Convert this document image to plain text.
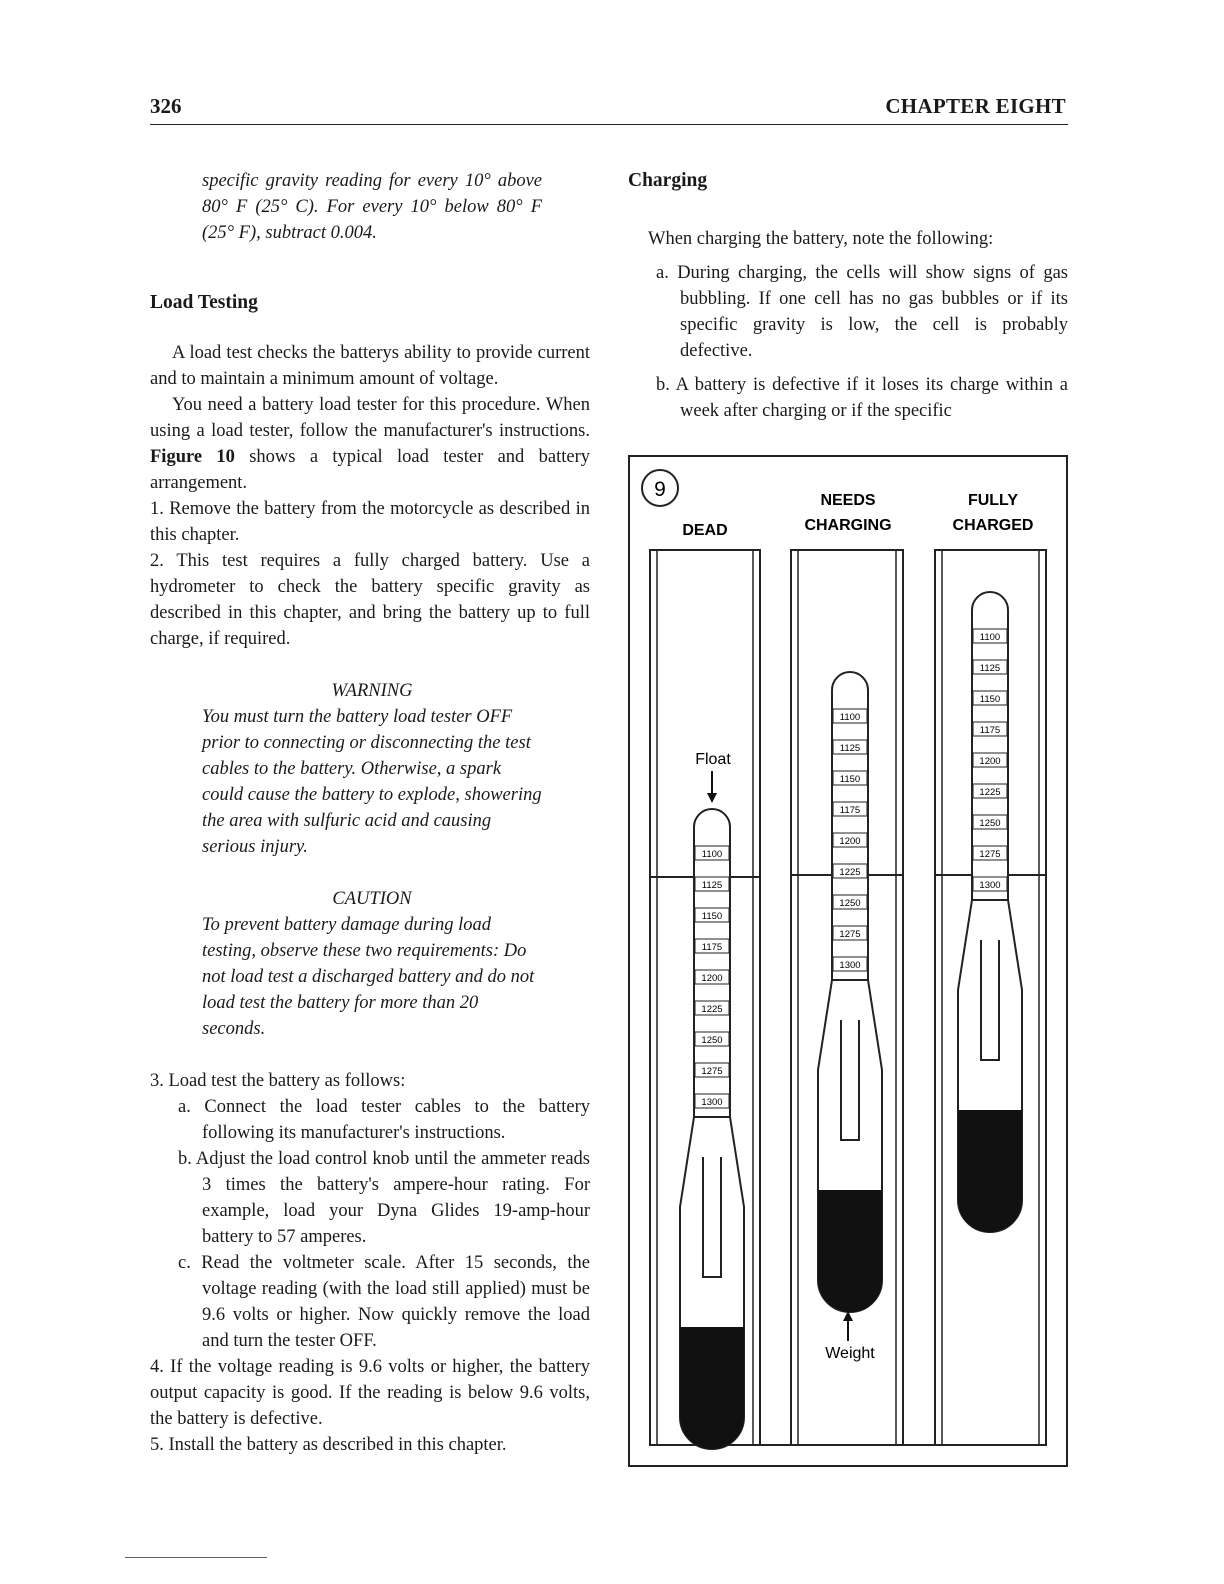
326	CHAPTER EIGHT

specific gravity reading for every 10° above 80° F (25° C). For every 10° below 80° F (25° F), subtract 0.004.

Load Testing

A load test checks the batterys ability to provide current and to maintain a minimum amount of voltage.

You need a battery load tester for this procedure. When using a load tester, follow the manufacturer's instructions. Figure 10 shows a typical load tester and battery arrangement.

1. Remove the battery from the motorcycle as described in this chapter.

2. This test requires a fully charged battery. Use a hydrometer to check the battery specific gravity as described in this chapter, and bring the battery up to full charge, if required.

WARNING

You must turn the battery load tester OFF prior to connecting or disconnecting the test cables to the battery. Otherwise, a spark could cause the battery to explode, showering the area with sulfuric acid and causing serious injury.

CAUTION

To prevent battery damage during load testing, observe these two requirements: Do not load test a discharged battery and do not load test the battery for more than 20 seconds.

3. Load test the battery as follows:

a. Connect the load tester cables to the battery following its manufacturer's instructions.

b. Adjust the load control knob until the ammeter reads 3 times the battery's ampere-hour rating. For example, load your Dyna Glides 19-amp-hour battery to 57 amperes.

c. Read the voltmeter scale. After 15 seconds, the voltage reading (with the load still applied) must be 9.6 volts or higher. Now quickly remove the load and turn the tester OFF.

4. If the voltage reading is 9.6 volts or higher, the battery output capacity is good. If the reading is below 9.6 volts, the battery is defective.

5. Install the battery as described in this chapter.

Charging

When charging the battery, note the following:

a. During charging, the cells will show signs of gas bubbling. If one cell has no gas bubbles or if its specific gravity is low, the cell is probably defective.

b. A battery is defective if it loses its charge within a week after charging or if the specific

9
DEAD
NEEDS
CHARGING
FULLY
CHARGED
1100
1125
1150
1175
1200
1225
1250
1275
1300
1100
1125
1150
1175
1200
1225
1250
1275
1300
1100
1125
1150
1175
1200
1225
1250
1275
1300
Float
Weight
